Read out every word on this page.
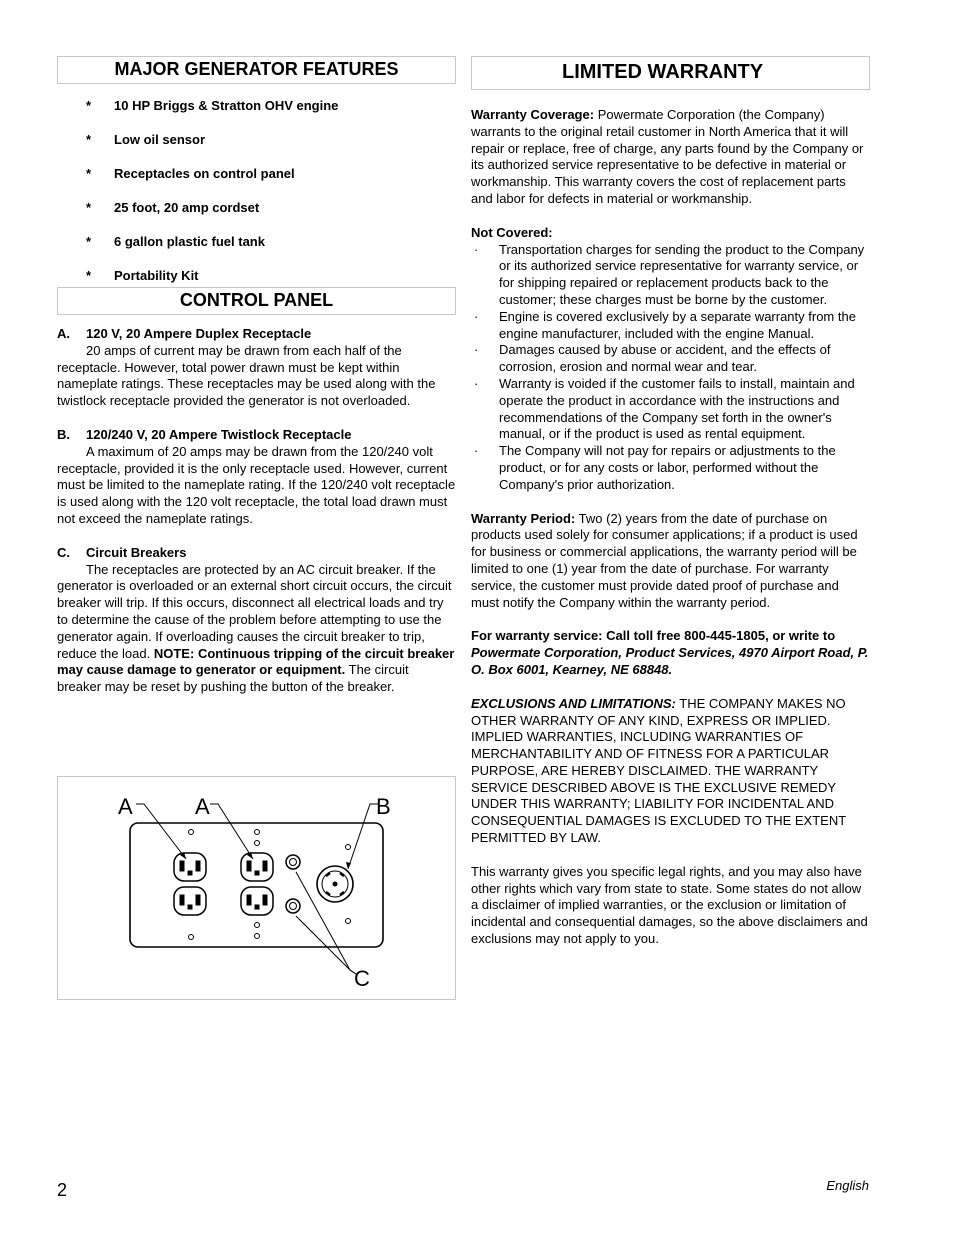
MAJOR GENERATOR FEATURES
* 10 HP Briggs & Stratton OHV engine
* Low oil sensor
* Receptacles on control panel
* 25 foot, 20 amp cordset
* 6 gallon plastic fuel tank
* Portability Kit
CONTROL PANEL
A. 120 V, 20 Ampere Duplex Receptacle

20 amps of current may be drawn from each half of the receptacle. However, total power drawn must be kept within nameplate ratings. These receptacles may be used along with the twistlock receptacle provided the generator is not overloaded.

B. 120/240 V, 20 Ampere Twistlock Receptacle

A maximum of 20 amps may be drawn from the 120/240 volt receptacle, provided it is the only receptacle used. However, current must be limited to the nameplate rating. If the 120/240 volt receptacle is used along with the 120 volt receptacle, the total load drawn must not exceed the nameplate ratings.

C. Circuit Breakers

The receptacles are protected by an AC circuit breaker. If the generator is overloaded or an external short circuit occurs, the circuit breaker will trip. If this occurs, disconnect all electrical loads and try to determine the cause of the problem before attempting to use the generator again. If overloading causes the circuit breaker to trip, reduce the load. NOTE: Continuous tripping of the circuit breaker may cause damage to generator or equipment. The circuit breaker may be reset by pushing the button of the breaker.

A	A	B
C
LIMITED WARRANTY

Warranty Coverage: Powermate Corporation (the Company) warrants to the original retail customer in North America that it will repair or replace, free of charge, any parts found by the Company or its authorized service representative to be defective in material or workmanship. This warranty covers the cost of replacement parts and labor for defects in material or workmanship.

Not Covered:
· Transportation charges for sending the product to the Company or its authorized service representative for warranty service, or for shipping repaired or replacement products back to the customer; these charges must be borne by the customer.
· Engine is covered exclusively by a separate warranty from the engine manufacturer, included with the engine Manual.
· Damages caused by abuse or accident, and the effects of corrosion, erosion and normal wear and tear.
· Warranty is voided if the customer fails to install, maintain and operate the product in accordance with the instructions and recommendations of the Company set forth in the owner's manual, or if the product is used as rental equipment.
· The Company will not pay for repairs or adjustments to the product, or for any costs or labor, performed without the Company's prior authorization.

Warranty Period: Two (2) years from the date of purchase on products used solely for consumer applications; if a product is used for business or commercial applications, the warranty period will be limited to one (1) year from the date of purchase. For warranty service, the customer must provide dated proof of purchase and must notify the Company within the warranty period.

For warranty service: Call toll free 800-445-1805, or write to Powermate Corporation, Product Services, 4970 Airport Road, P. O. Box 6001, Kearney, NE 68848.

EXCLUSIONS AND LIMITATIONS: THE COMPANY MAKES NO OTHER WARRANTY OF ANY KIND, EXPRESS OR IMPLIED. IMPLIED WARRANTIES, INCLUDING WARRANTIES OF MERCHANTABILITY AND OF FITNESS FOR A PARTICULAR PURPOSE, ARE HEREBY DISCLAIMED. THE WARRANTY SERVICE DESCRIBED ABOVE IS THE EXCLUSIVE REMEDY UNDER THIS WARRANTY; LIABILITY FOR INCIDENTAL AND CONSEQUENTIAL DAMAGES IS EXCLUDED TO THE EXTENT PERMITTED BY LAW.

This warranty gives you specific legal rights, and you may also have other rights which vary from state to state. Some states do not allow a disclaimer of implied warranties, or the exclusion or limitation of incidental and consequential damages, so the above disclaimers and exclusions may not apply to you.

2	English
